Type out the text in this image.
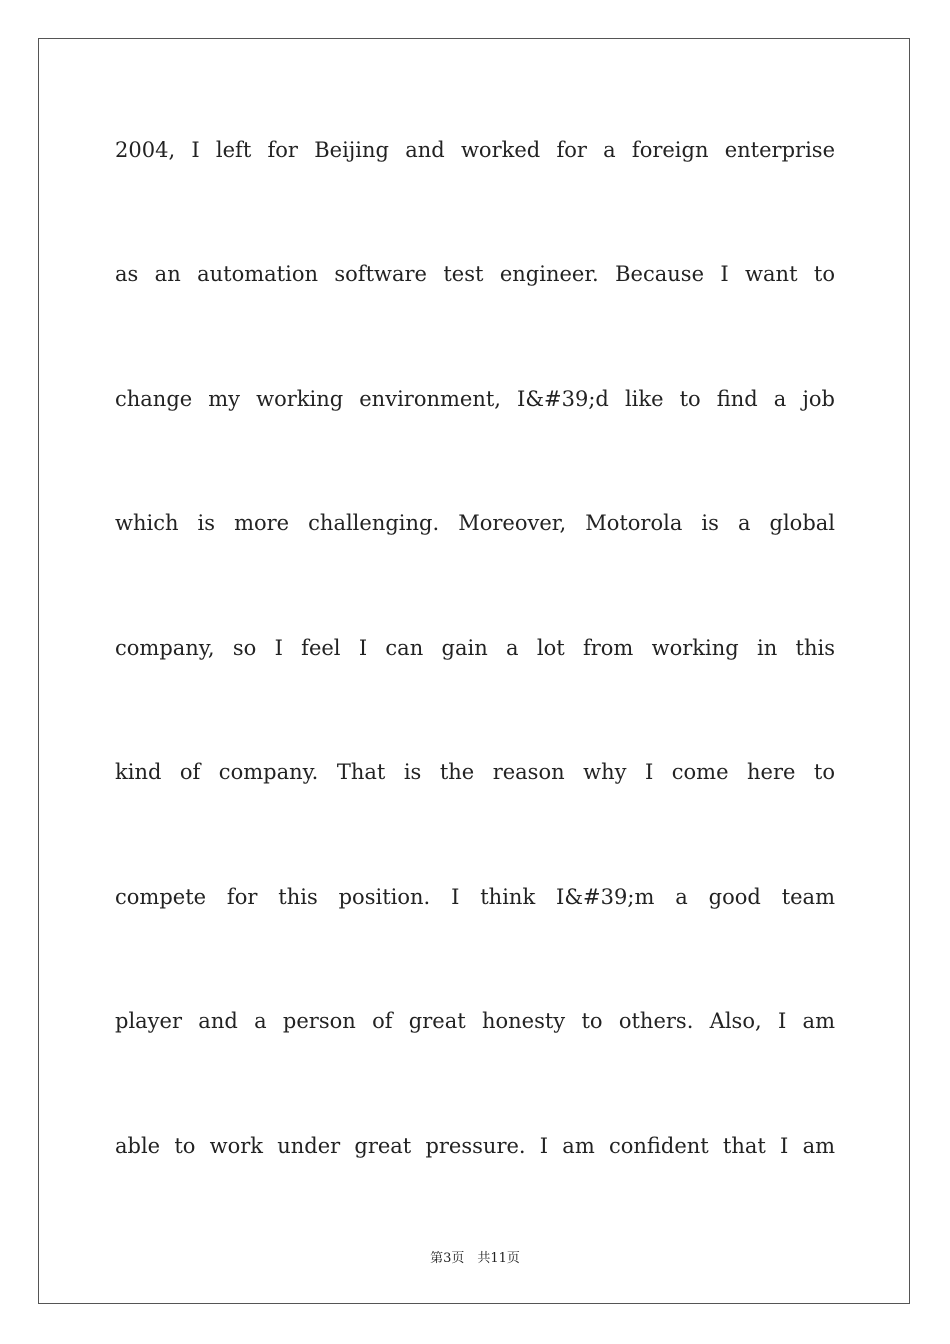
2004, I left for Beijing and worked for a foreign enterprise
as an automation software test engineer. Because I want to
change my working environment, I&#39;d like to find a job
which is more challenging. Moreover, Motorola is a global
company, so I feel I can gain a lot from working in this
kind of company. That is the reason why I come here to
compete for this position. I think I&#39;m a good team
player and a person of great honesty to others. Also, I am
able to work under great pressure. I am confident that I am
第3页　共11页
